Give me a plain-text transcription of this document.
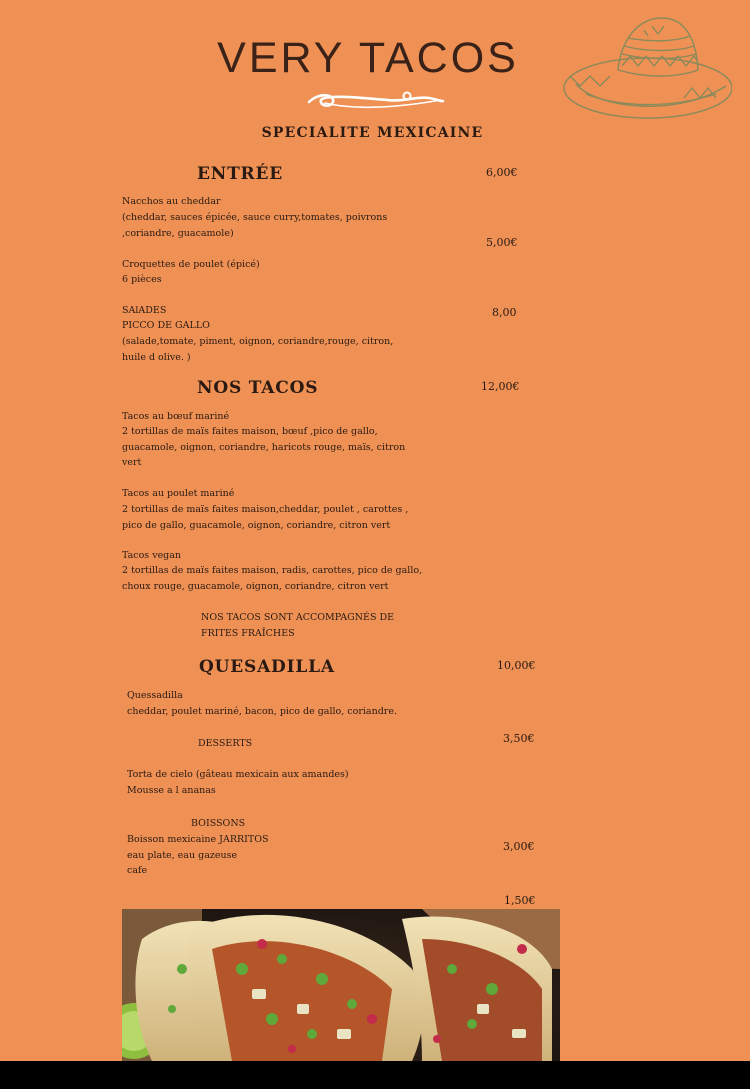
VERY TACOS
SPECIALITE MEXICAINE
ENTRÉE	6,00€
Nacchos au cheddar
(cheddar, sauces épicée, sauce curry,tomates, poivrons
,coriandre, guacamole)
5,00€
Croquettes de poulet (épicé)
6 pièces
8,00
SAlADES
PICCO DE GALLO
(salade,tomate, piment, oignon, coriandre,rouge, citron,
huile d olive. )
NOS TACOS	12,00€
Tacos au bœuf mariné
2 tortillas de maïs faites maison, bœuf ,pico de gallo,
guacamole, oignon, coriandre, haricots rouge, maïs, citron
vert
Tacos au poulet mariné
2 tortillas de maïs faites maison,cheddar, poulet , carottes ,
pico de gallo, guacamole, oignon, coriandre, citron vert
Tacos vegan
2 tortillas de maïs faites maison, radis, carottes, pico de gallo,
choux rouge, guacamole, oignon, coriandre, citron vert
NOS TACOS SONT ACCOMPAGNÉS DE
FRITES FRAÎCHES
QUESADILLA	10,00€
Quessadilla
cheddar, poulet mariné, bacon, pico de gallo, coriandre.
DESSERTS	3,50€
Torta de cielo (gâteau mexicain aux amandes)
Mousse a l ananas
BOISSONS
Boisson mexicaine JARRITOS
eau plate, eau gazeuse
cafe
3,00€
1,50€
